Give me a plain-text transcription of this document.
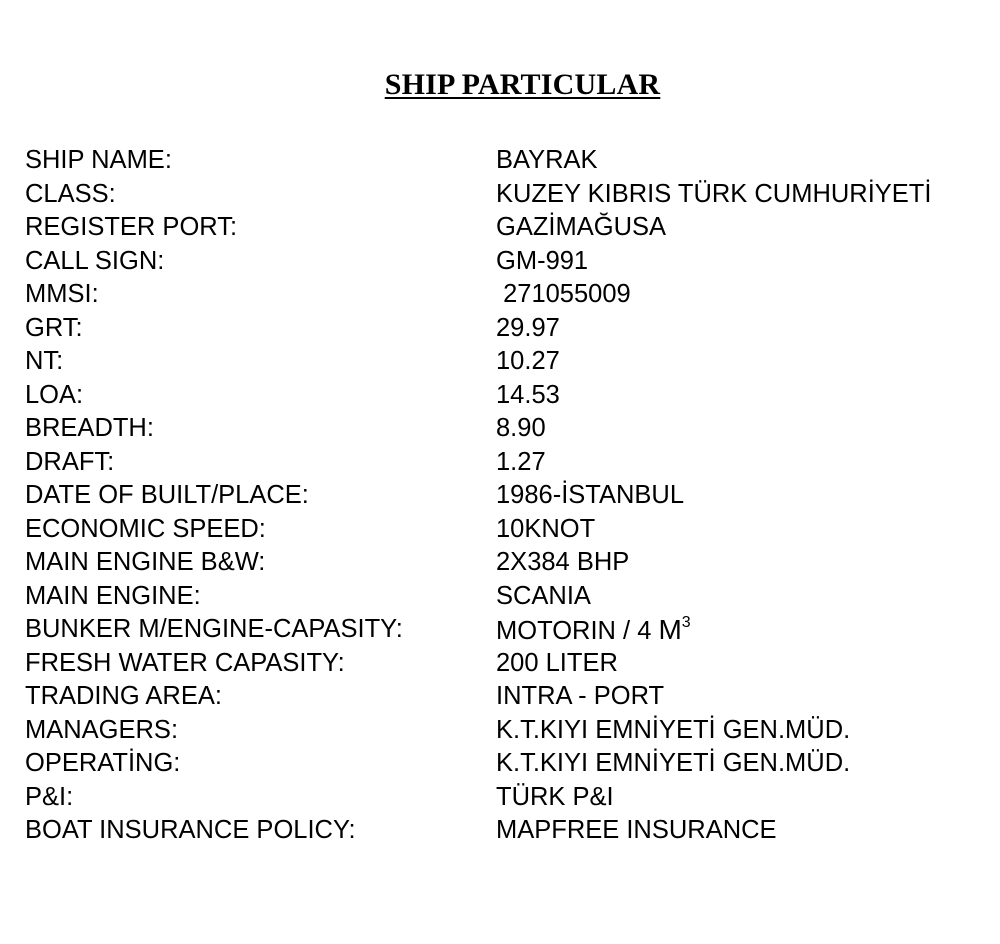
SHIP PARTICULAR
SHIP NAME:	BAYRAK
CLASS:	KUZEY KIBRIS TÜRK CUMHURİYETİ
REGISTER PORT:	GAZİMAĞUSA
CALL SIGN:	GM-991
MMSI:	271055009
GRT:	29.97
NT:	10.27
LOA:	14.53
BREADTH:	8.90
DRAFT:	1.27
DATE OF BUILT/PLACE:	1986-İSTANBUL
ECONOMIC SPEED:	10KNOT
MAIN ENGINE B&W:	2X384 BHP
MAIN ENGINE:	SCANIA
BUNKER M/ENGINE-CAPASITY:	MOTORIN / 4 $M^3$
FRESH WATER CAPASITY:	200 LITER
TRADING AREA:	INTRA - PORT
MANAGERS:	K.T.KIYI EMNİYETİ GEN.MÜD.
OPERATİNG:	K.T.KIYI EMNİYETİ GEN.MÜD.
P&I:	TÜRK P&I
BOAT INSURANCE POLICY:	MAPFREE INSURANCE
